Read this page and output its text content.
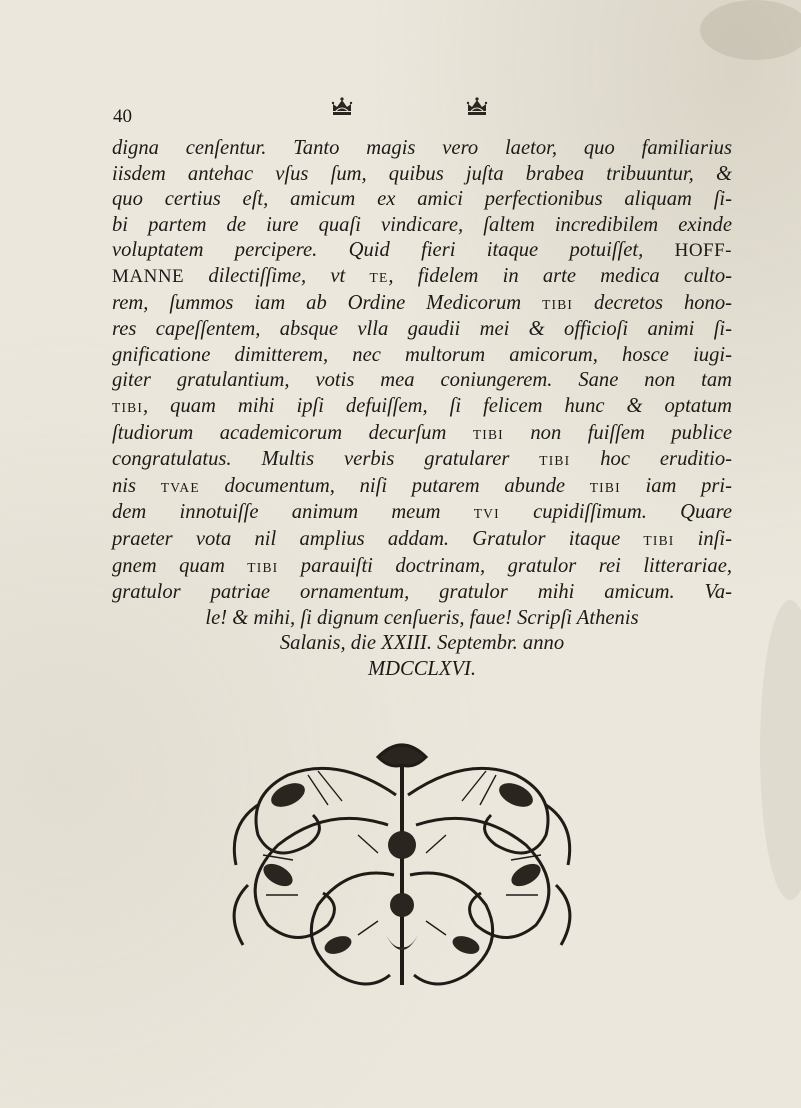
40
digna cenſentur. Tanto magis vero laetor, quo familiarius
iisdem antehac vſus ſum, quibus juſta brabea tribuuntur, &
quo certius eſt, amicum ex amici perfectionibus aliquam ſi-
bi partem de iure quaſi vindicare, ſaltem incredibilem exinde
voluptatem percipere. Quid fieri itaque potuiſſet, HOFF-
MANNE dilectiſſime, vt TE, fidelem in arte medica culto-
rem, ſummos iam ab Ordine Medicorum TIBI decretos hono-
res capeſſentem, absque vlla gaudii mei & officioſi animi ſi-
gnificatione dimitterem, nec multorum amicorum, hosce iugi-
giter gratulantium, votis mea coniungerem. Sane non tam
TIBI, quam mihi ipſi defuiſſem, ſi felicem hunc & optatum
ſtudiorum academicorum decurſum TIBI non fuiſſem publice
congratulatus. Multis verbis gratularer TIBI hoc eruditio-
nis TVAE documentum, niſi putarem abunde TIBI iam pri-
dem innotuiſſe animum meum TVI cupidiſſimum. Quare
praeter vota nil amplius addam. Gratulor itaque TIBI inſi-
gnem quam TIBI parauiſti doctrinam, gratulor rei litterariae,
gratulor patriae ornamentum, gratulor mihi amicum. Va-
le! & mihi, ſi dignum cenſueris, faue! Scripſi Athenis
Salanis, die XXIII. Septembr. anno
MDCCLXVI.
